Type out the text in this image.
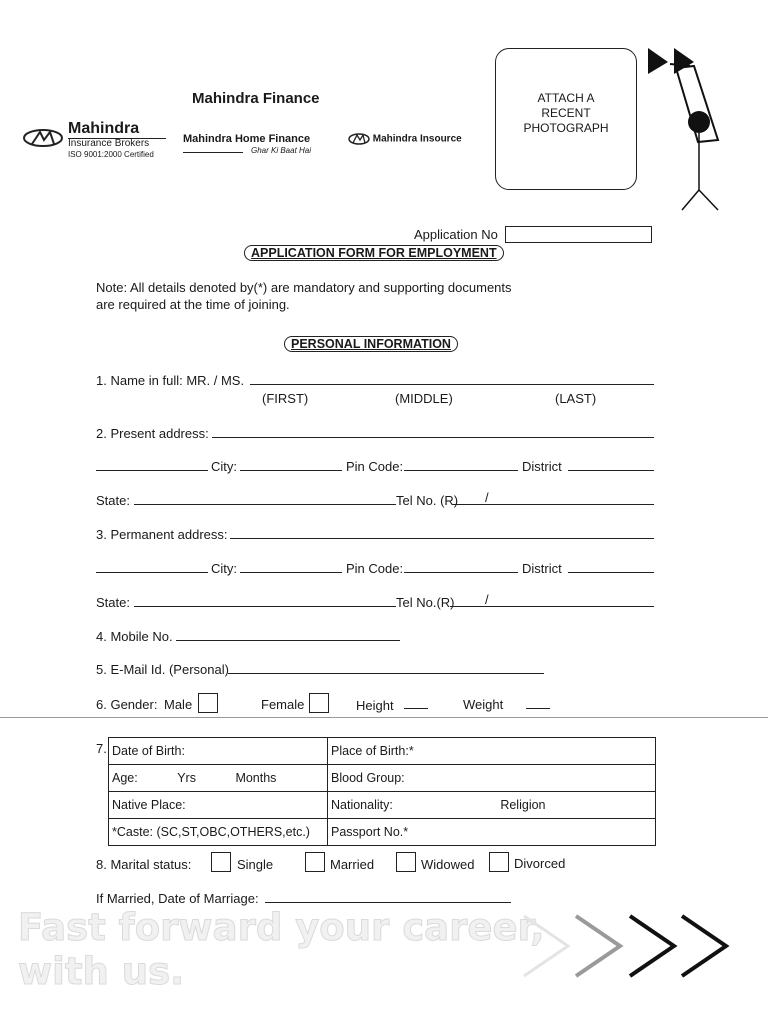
Mahindra Finance
Mahindra
Insurance Brokers
ISO 9001:2000 Certified
Mahindra Home Finance
Ghar Ki Baat Hai
Mahindra Insource
ATTACH A
RECENT
PHOTOGRAPH
Application No
APPLICATION FORM FOR EMPLOYMENT
Note: All details denoted by(*) are mandatory and supporting documents
are required at the time of joining.
PERSONAL INFORMATION
1. Name in full: MR. / MS.
(FIRST)	(MIDDLE)	(LAST)
2. Present address:
City:	Pin Code:	District
State:	Tel No. (R) /
3. Permanent address:
City:	Pin Code:	District
State:	Tel No.(R) /
4. Mobile No.
5. E-Mail Id. (Personal)
6. Gender: Male	Female	Height	Weight
7. Date of Birth:	Place of Birth:*
Age: Yrs Months	Blood Group:
Native Place:	Nationality: Religion
*Caste: (SC,ST,OBC,OTHERS,etc.)	Passport No.*
8. Marital status:	Single	Married	Widowed	Divorced
If Married, Date of Marriage:
Fast forward your career,
with us.
